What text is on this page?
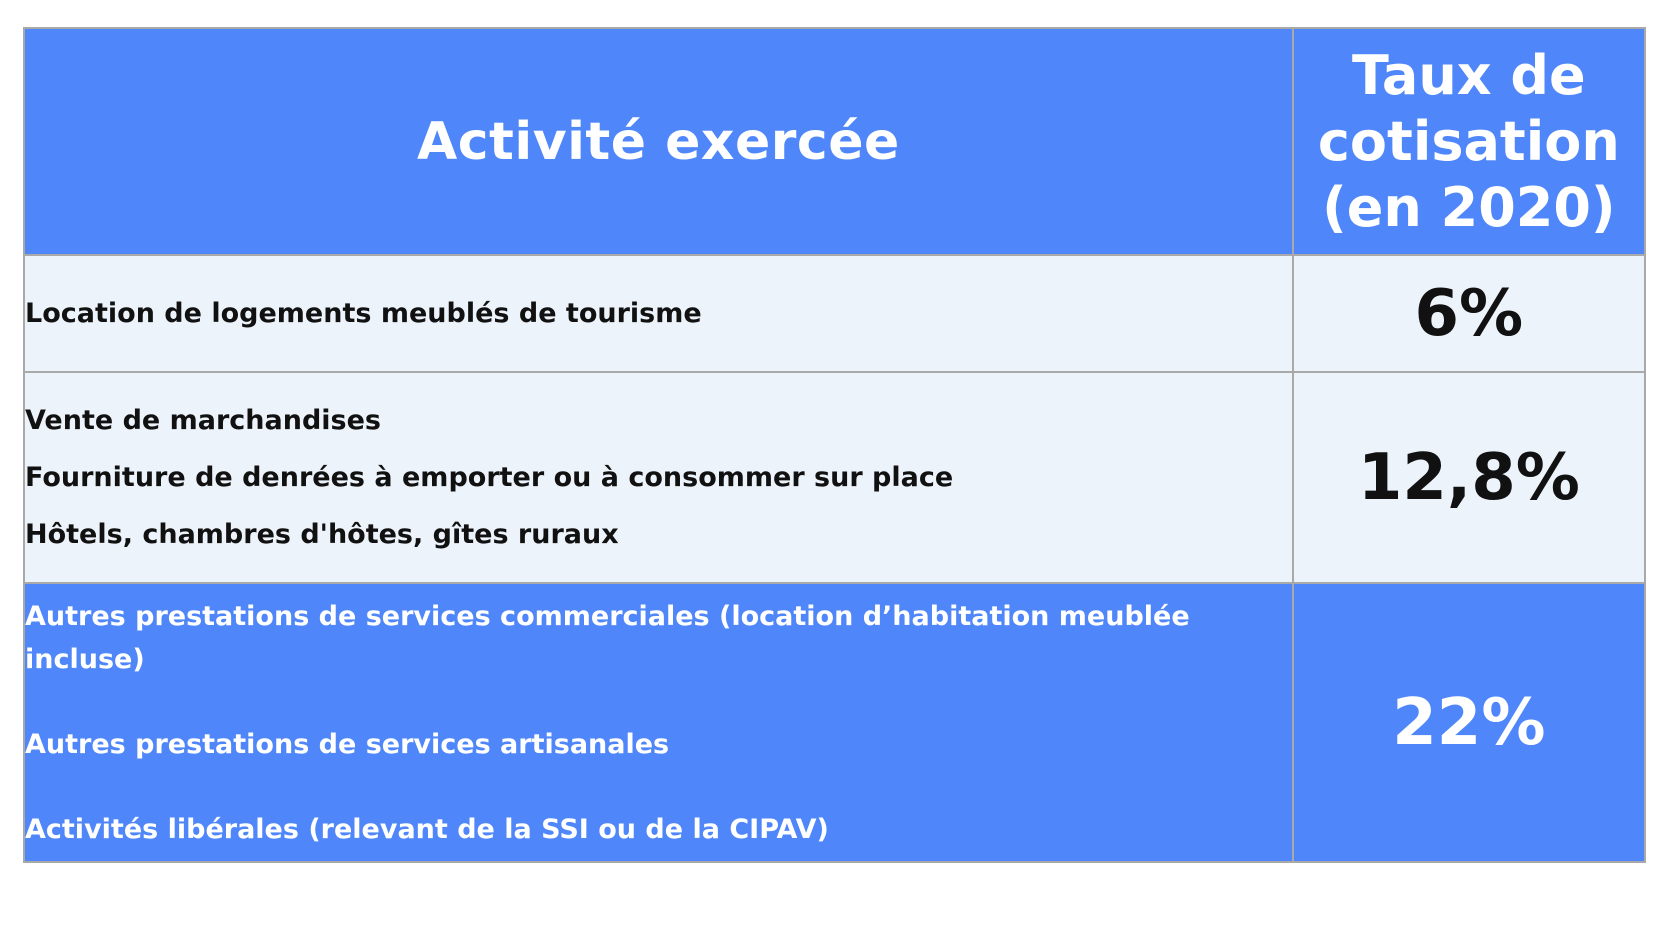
Activité exercée	Taux de
cotisation
(en 2020)

Location de logements meublés de tourisme	6%

Vente de marchandises
Fourniture de denrées à emporter ou à consommer sur place
Hôtels, chambres d'hôtes, gîtes ruraux	12,8%

Autres prestations de services commerciales (location d’habitation meublée incluse)
Autres prestations de services artisanales
Activités libérales (relevant de la SSI ou de la CIPAV)	22%
